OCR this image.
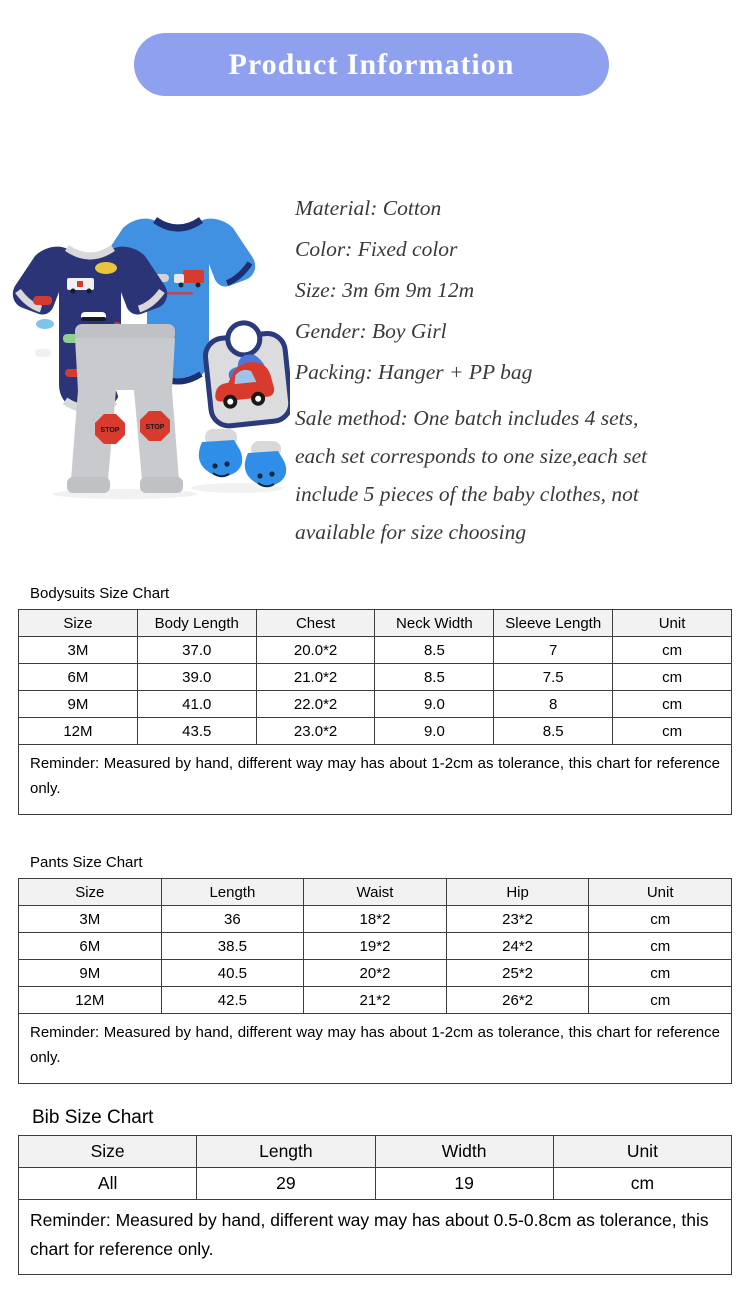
Product Information
STOP	STOP

Material: Cotton

Color: Fixed color

Size: 3m 6m 9m 12m

Gender: Boy Girl

Packing: Hanger + PP bag

Sale method: One batch includes 4 sets,

each set corresponds to one size,each set

include 5 pieces of the baby clothes, not

available for size choosing

Bodysuits Size Chart
Size	Body Length	Chest	Neck Width	Sleeve Length	Unit
3M	37.0	20.0*2	8.5	7	cm
6M	39.0	21.0*2	8.5	7.5	cm
9M	41.0	22.0*2	9.0	8	cm
12M	43.5	23.0*2	9.0	8.5	cm
Reminder: Measured by hand, different way may has about 1-2cm as tolerance, this chart for reference only.					
Pants Size Chart
Size	Length	Waist	Hip	Unit
3M	36	18*2	23*2	cm
6M	38.5	19*2	24*2	cm
9M	40.5	20*2	25*2	cm
12M	42.5	21*2	26*2	cm
Reminder: Measured by hand, different way may has about 1-2cm as tolerance, this chart for reference only.				
Bib Size Chart
Size	Length	Width	Unit
All	29	19	cm
Reminder: Measured by hand, different way may has about 0.5-0.8cm as tolerance, this chart for reference only.			
